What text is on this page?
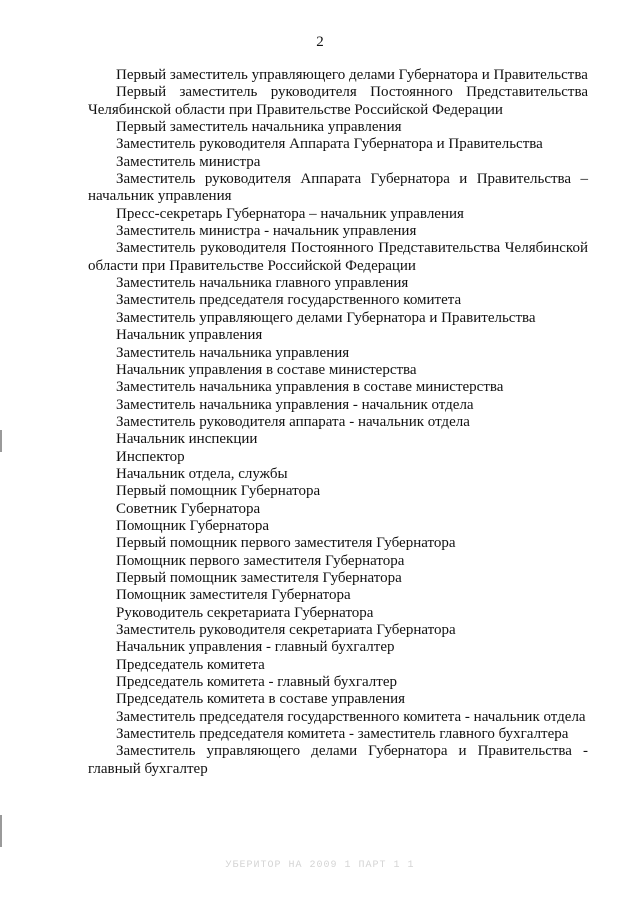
2

Первый заместитель управляющего делами Губернатора и Правительства

Первый заместитель руководителя Постоянного Представительства Челябинской области при Правительстве Российской Федерации

Первый заместитель начальника управления

Заместитель руководителя Аппарата Губернатора и Правительства

Заместитель министра

Заместитель руководителя Аппарата Губернатора и Правительства – начальник управления

Пресс-секретарь Губернатора – начальник управления

Заместитель министра - начальник управления

Заместитель руководителя Постоянного Представительства Челябинской области при Правительстве Российской Федерации

Заместитель начальника главного управления

Заместитель председателя государственного комитета

Заместитель управляющего делами Губернатора и Правительства

Начальник управления

Заместитель начальника управления

Начальник управления в составе министерства

Заместитель начальника управления в составе министерства

Заместитель начальника управления - начальник отдела

Заместитель руководителя аппарата - начальник отдела

Начальник инспекции

Инспектор

Начальник отдела, службы

Первый помощник Губернатора

Советник Губернатора

Помощник Губернатора

Первый помощник первого заместителя Губернатора

Помощник первого заместителя Губернатора

Первый помощник заместителя Губернатора

Помощник заместителя Губернатора

Руководитель секретариата Губернатора

Заместитель руководителя секретариата Губернатора

Начальник управления - главный бухгалтер

Председатель комитета

Председатель комитета - главный бухгалтер

Председатель комитета в составе управления

Заместитель председателя государственного комитета - начальник отдела

Заместитель председателя комитета - заместитель главного бухгалтера

Заместитель управляющего делами Губернатора и Правительства - главный бухгалтер

УБЕРИТОР НА 2009 1 ПАРТ 1 1
